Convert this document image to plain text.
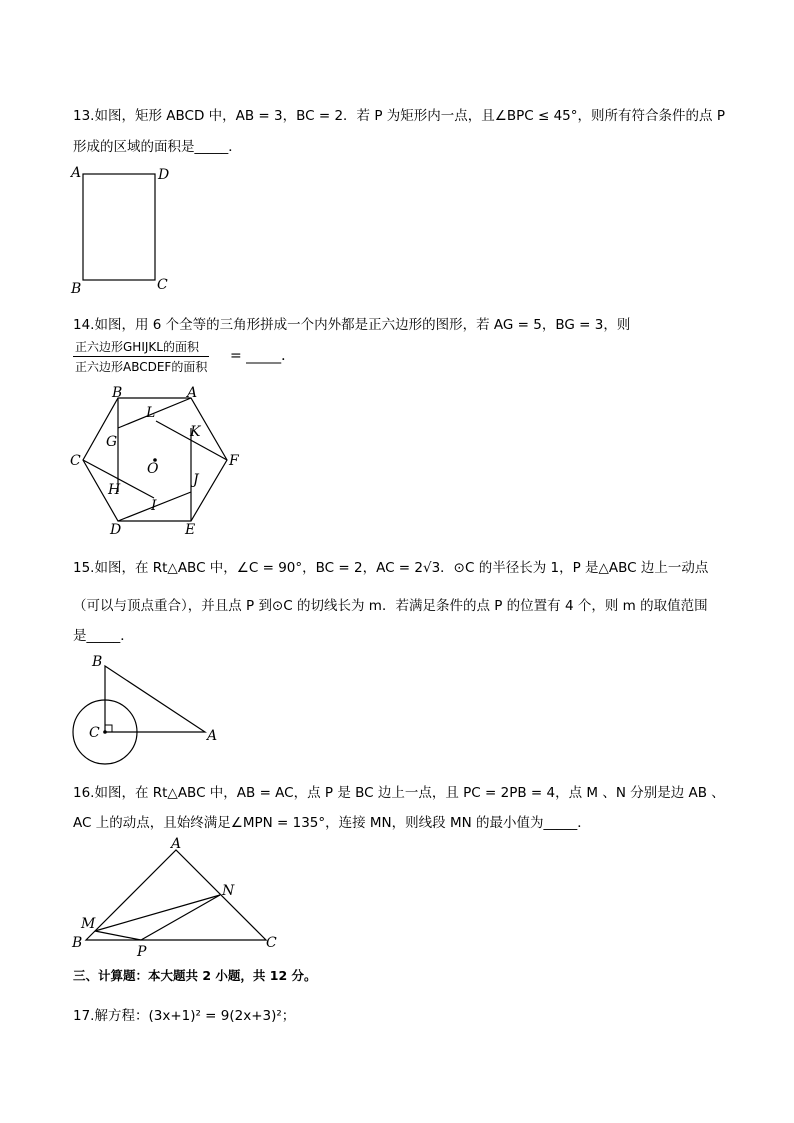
13.如图，矩形 ABCD 中，AB = 3，BC = 2．若 P 为矩形内一点，且∠BPC ≤ 45°，则所有符合条件的点 P
形成的区域的面积是_____．
A	D
B	C
14.如图，用 6 个全等的三角形拼成一个内外都是正六边形的图形，若 AG = 5，BG = 3，则
正六边形GHIJKL的面积
正六边形ABCDEF的面积
= _____．
B	A
C	F
D	E
L
G
K
O
J
H
I
15.如图，在 Rt△ABC 中，∠C = 90°，BC = 2，AC = 2√3．⊙C 的半径长为 1，P 是△ABC 边上一动点
（可以与顶点重合），并且点 P 到⊙C 的切线长为 m．若满足条件的点 P 的位置有 4 个，则 m 的取值范围
是_____．
B
C	A
16.如图，在 Rt△ABC 中，AB = AC，点 P 是 BC 边上一点，且 PC = 2PB = 4，点 M 、N 分别是边 AB 、
AC 上的动点，且始终满足∠MPN = 135°，连接 MN，则线段 MN 的最小值为_____．
A
N
M
B
P
C
三、计算题：本大题共 2 小题，共 12 分。
17.解方程：(3x+1)² = 9(2x+3)²；
